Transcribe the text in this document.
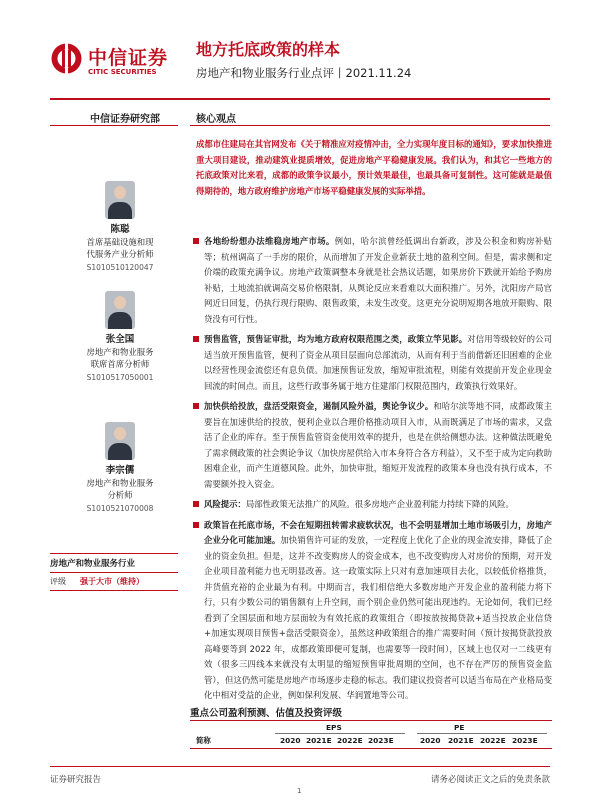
中信证券
CITIC SECURITIES
地方托底政策的样本
房地产和物业服务行业点评丨2021.11.24
中信证券研究部	核心观点

成都市住建局在其官网发布《关于精准应对疫情冲击，全力实现年度目标的通知》，要求加快推进重大项目建设，推动建筑业提质增效，促进房地产平稳健康发展。我们认为，和其它一些地方的托底政策对比来看，成都的政策争议最小，预计效果最佳，也最具备可复制性。这可能就是最值得期待的，地方政府维护房地产市场平稳健康发展的实际举措。

各地纷纷想办法维稳房地产市场。例如，哈尔滨曾经低调出台新政，涉及公积金和购房补贴等；杭州调高了一手房的限价，从而增加了开发企业新获土地的盈利空间。但是，需求侧和定价端的政策充满争议。房地产政策调整本身就是社会热议话题，如果房价下跌就开始给予购房补贴，土地流拍就调高交易价格限制，从舆论反应来看难以大面积推广。另外，沈阳房产局官网近日回复，仍执行现行限购、限售政策，未发生改变。这更充分说明短期各地放开限购、限贷没有可行性。

预售监管，预售证审批，均为地方政府权限范围之类，政策立竿见影。对信用等级较好的公司适当放开预售监管，便利了资金从项目层面向总部流动，从而有利于当前借新还旧困难的企业以经营性现金流偿还有息负债。加速预售证发放，缩短审批流程，则能有效提前开发企业现金回流的时间点。而且，这些行政事务属于地方住建部门权限范围内，政策执行效果好。

加快供给投放，盘活受限资金，遏制风险外溢，舆论争议少。和哈尔滨等地不同，成都政策主要旨在加速供给的投放，便利企业以合理价格推动项目入市，从而既满足了市场的需求，又盘活了企业的库存。至于预售监管资金使用效率的提升，也是在供给侧想办法。这种做法既避免了需求侧政策的社会舆论争议（加快房屋供给入市本身符合各方利益），又不至于成为定向救助困难企业，而产生道德风险。此外，加快审批，缩短开发流程的政策本身也没有执行成本，不需要额外投入资金。

风险提示：局部性政策无法推广的风险。很多房地产企业盈利能力持续下降的风险。

政策旨在托底市场，不会在短期扭转需求疲软状况，也不会明显增加土地市场吸引力，房地产企业分化可能加速。加快销售许可证的发放，一定程度上优化了企业的现金流安排，降低了企业的资金负担。但是，这并不改变购房人的资金成本，也不改变购房人对房价的预期，对开发企业项目盈利能力也无明显改善。这一政策实际上只对有意加速项目去化，以较低价格推货，并货值充裕的企业最为有利。中期而言，我们相信绝大多数房地产开发企业的盈利能力将下行，只有少数公司的销售额有上升空间，而个别企业仍然可能出现违约。无论如何，我们已经看到了全国层面和地方层面较为有效托底的政策组合（即按放按揭贷款+适当投放企业信贷+加速实现项目预售+盘活受限资金），虽然这种政策组合的推广需要时间（预计按揭贷款投放高峰要等到 2022 年，成都政策即便可复制，也需要等一段时间），区域上也仅对一二线更有效（很多三四线本来就没有太明显的缩短预售审批周期的空间，也不存在严厉的预售资金监管），但这仍然可能是房地产市场逐步走稳的标志。我们建议投资者可以适当布局在产业格局变化中相对受益的企业，例如保利发展、华润置地等公司。

陈聪
首席基础设施和现
代服务产业分析师
S1010510120047
张全国
房地产和物业服务
联席首席分析师
S1010517050001
李宗儒
房地产和物业服务
分析师
S1010521070008
房地产和物业服务行业
评级 强于大市（维持）
重点公司盈利预测、估值及投资评级
简称
EPS	PE
2020 2021E 2022E 2023E	2020 2021E 2022E 2023E
证券研究报告	请务必阅读正文之后的免责条款
1
